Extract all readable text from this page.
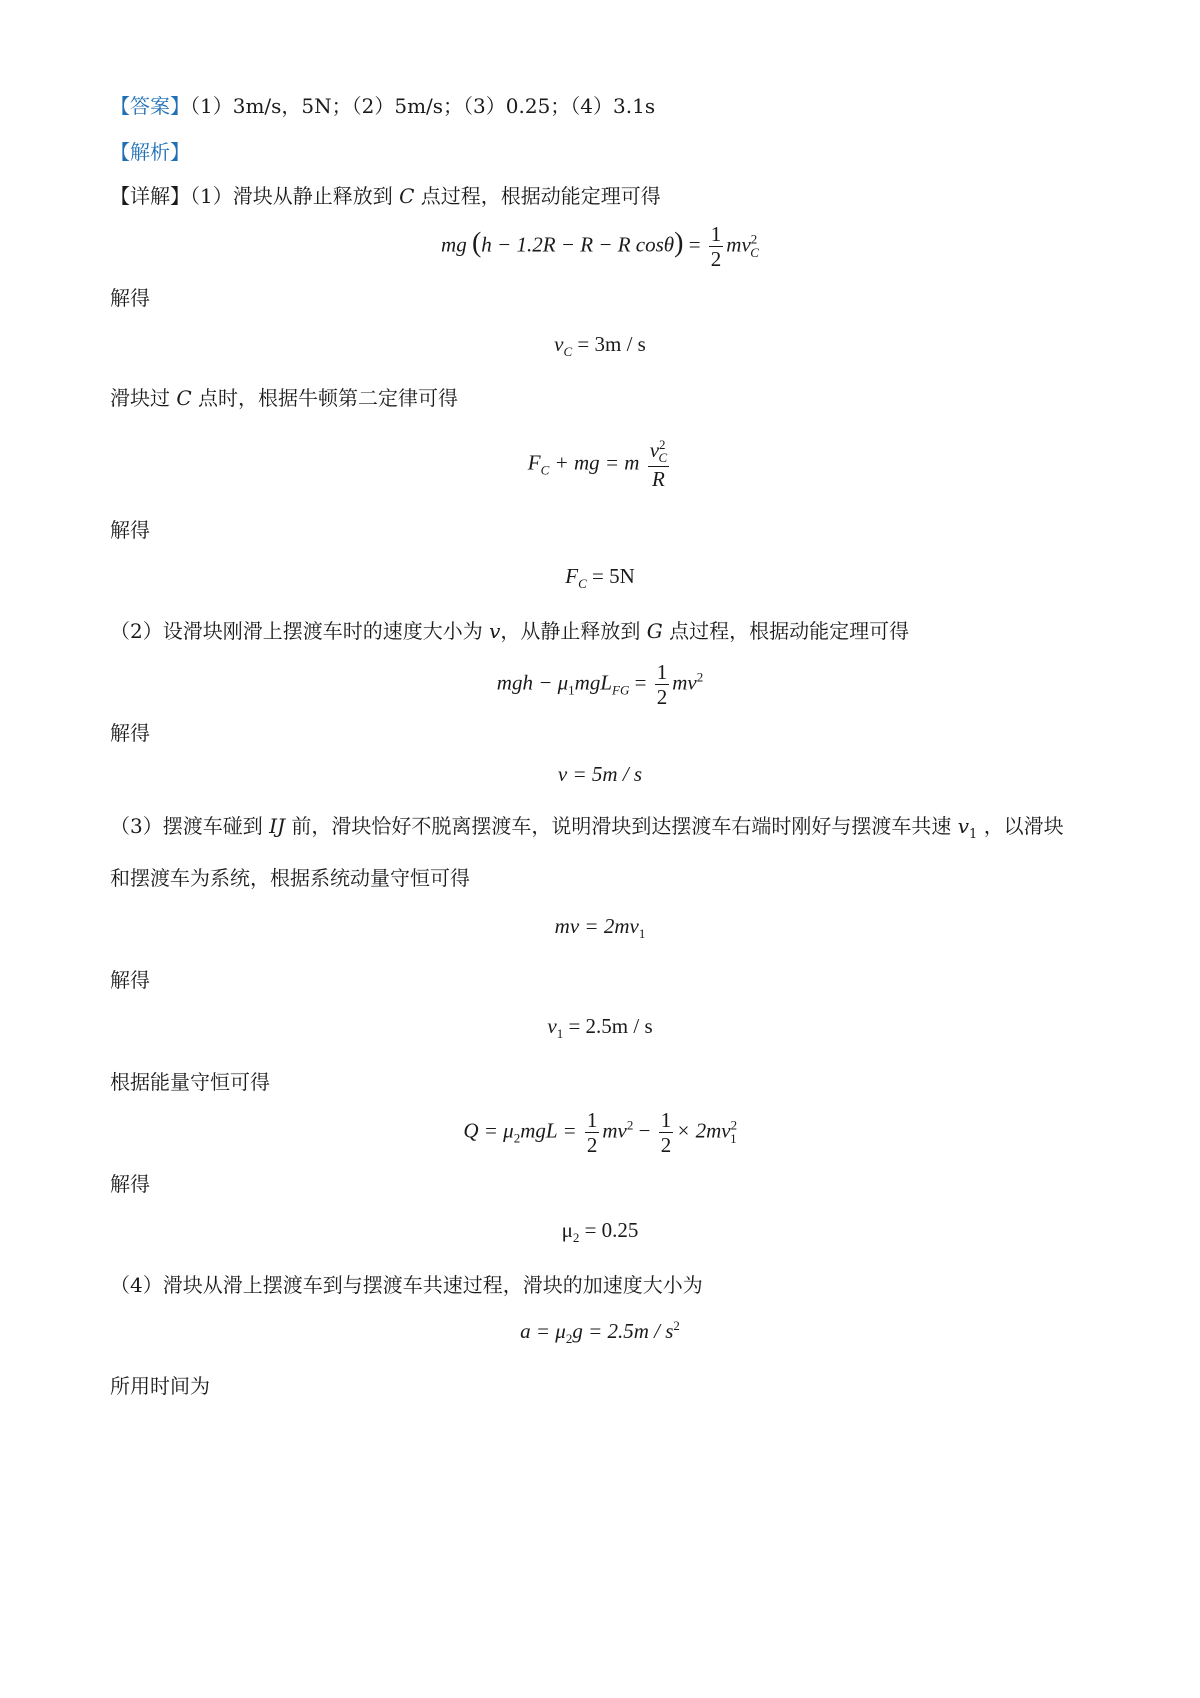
【答案】（1）3m/s，5N；（2）5m/s；（3）0.25；（4）3.1s
【解析】
【详解】（1）滑块从静止释放到 C 点过程，根据动能定理可得
mg (h − 1.2R − R − R $\cos\theta) = \frac{1}{2} mv^2_C$
解得
$v_C = 3m / s$
滑块过 C 点时，根据牛顿第二定律可得
$F_C$ + mg = m $\frac{v^2_C}{R}$
解得
$F_C = 5N$
（2）设滑块刚滑上摆渡车时的速度大小为 v，从静止释放到 G 点过程，根据动能定理可得
mgh − $\mu_1mgL_{FG} = \frac{1}{2} mv^2$
解得
v = 5m / s
（3）摆渡车碰到 IJ 前，滑块恰好不脱离摆渡车，说明滑块到达摆渡车右端时刚好与摆渡车共速 $v_1$ ，以滑块
和摆渡车为系统，根据系统动量守恒可得
mv = $2mv_1$
解得
$v_1 = 2.5m / s$
根据能量守恒可得
$Q = \mu_2mgL = \frac{1}{2} mv^2 - \frac{1}{2} \times 2mv^2_1$
解得
$\mu_2 = 0.25$
（4）滑块从滑上摆渡车到与摆渡车共速过程，滑块的加速度大小为
$a = \mu_2g = 2.5m / s^2$
所用时间为
